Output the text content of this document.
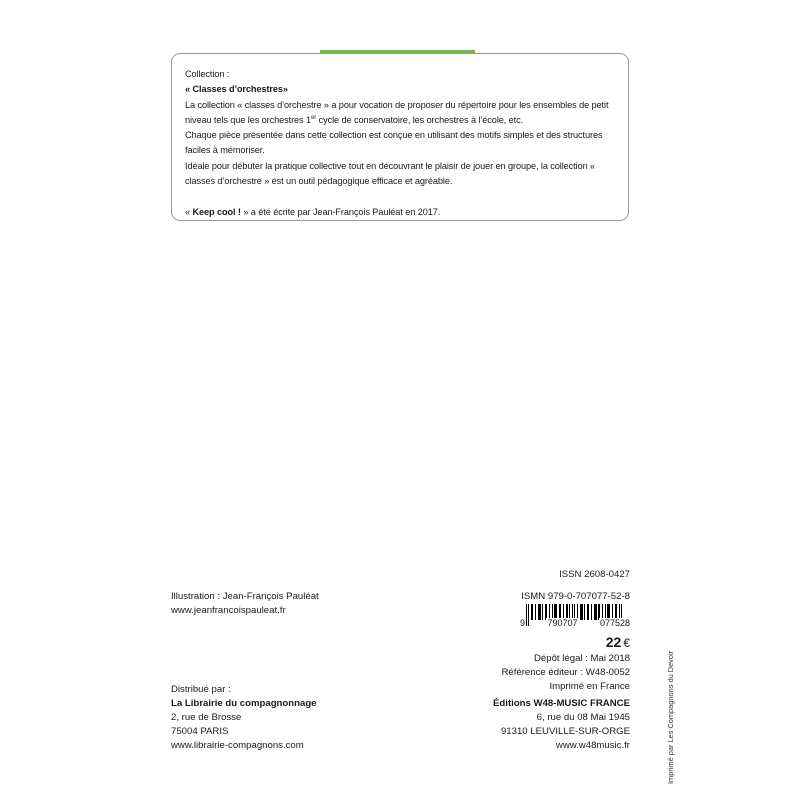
Collection :

« Classes d’orchestres»

La collection « classes d’orchestre » a pour vocation de proposer du répertoire pour les ensembles de petit niveau tels que les orchestres 1er cycle de conservatoire, les orchestres à l’école, etc.

Chaque pièce présentée dans cette collection est conçue en utilisant des motifs simples et des structures faciles à mémoriser.

Idéale pour débuter la pratique collective tout en découvrant le plaisir de jouer en groupe, la collection « classes d’orchestre » est un outil pédagogique efficace et agréable.

« Keep cool ! » a été écrite par Jean-François Pauléat en 2017.

Illustration : Jean-François Pauléat
www.jeanfrancoispauleat.fr
ISSN 2608-0427
ISMN 979-0-707077-52-8
9 790707 077528
22 €
Dépôt légal : Mai 2018
Référence éditeur : W48-0052
Imprimé en France
Distribué par :
La Librairie du compagnonnage
2, rue de Brosse
75004 PARIS
www.librairie-compagnons.com
Éditions W48-MUSIC FRANCE
6, rue du 08 Mai 1945
91310 LEUVILLE-SUR-ORGE
www.w48music.fr	Imprimé par Les Compagnons du Devoir
